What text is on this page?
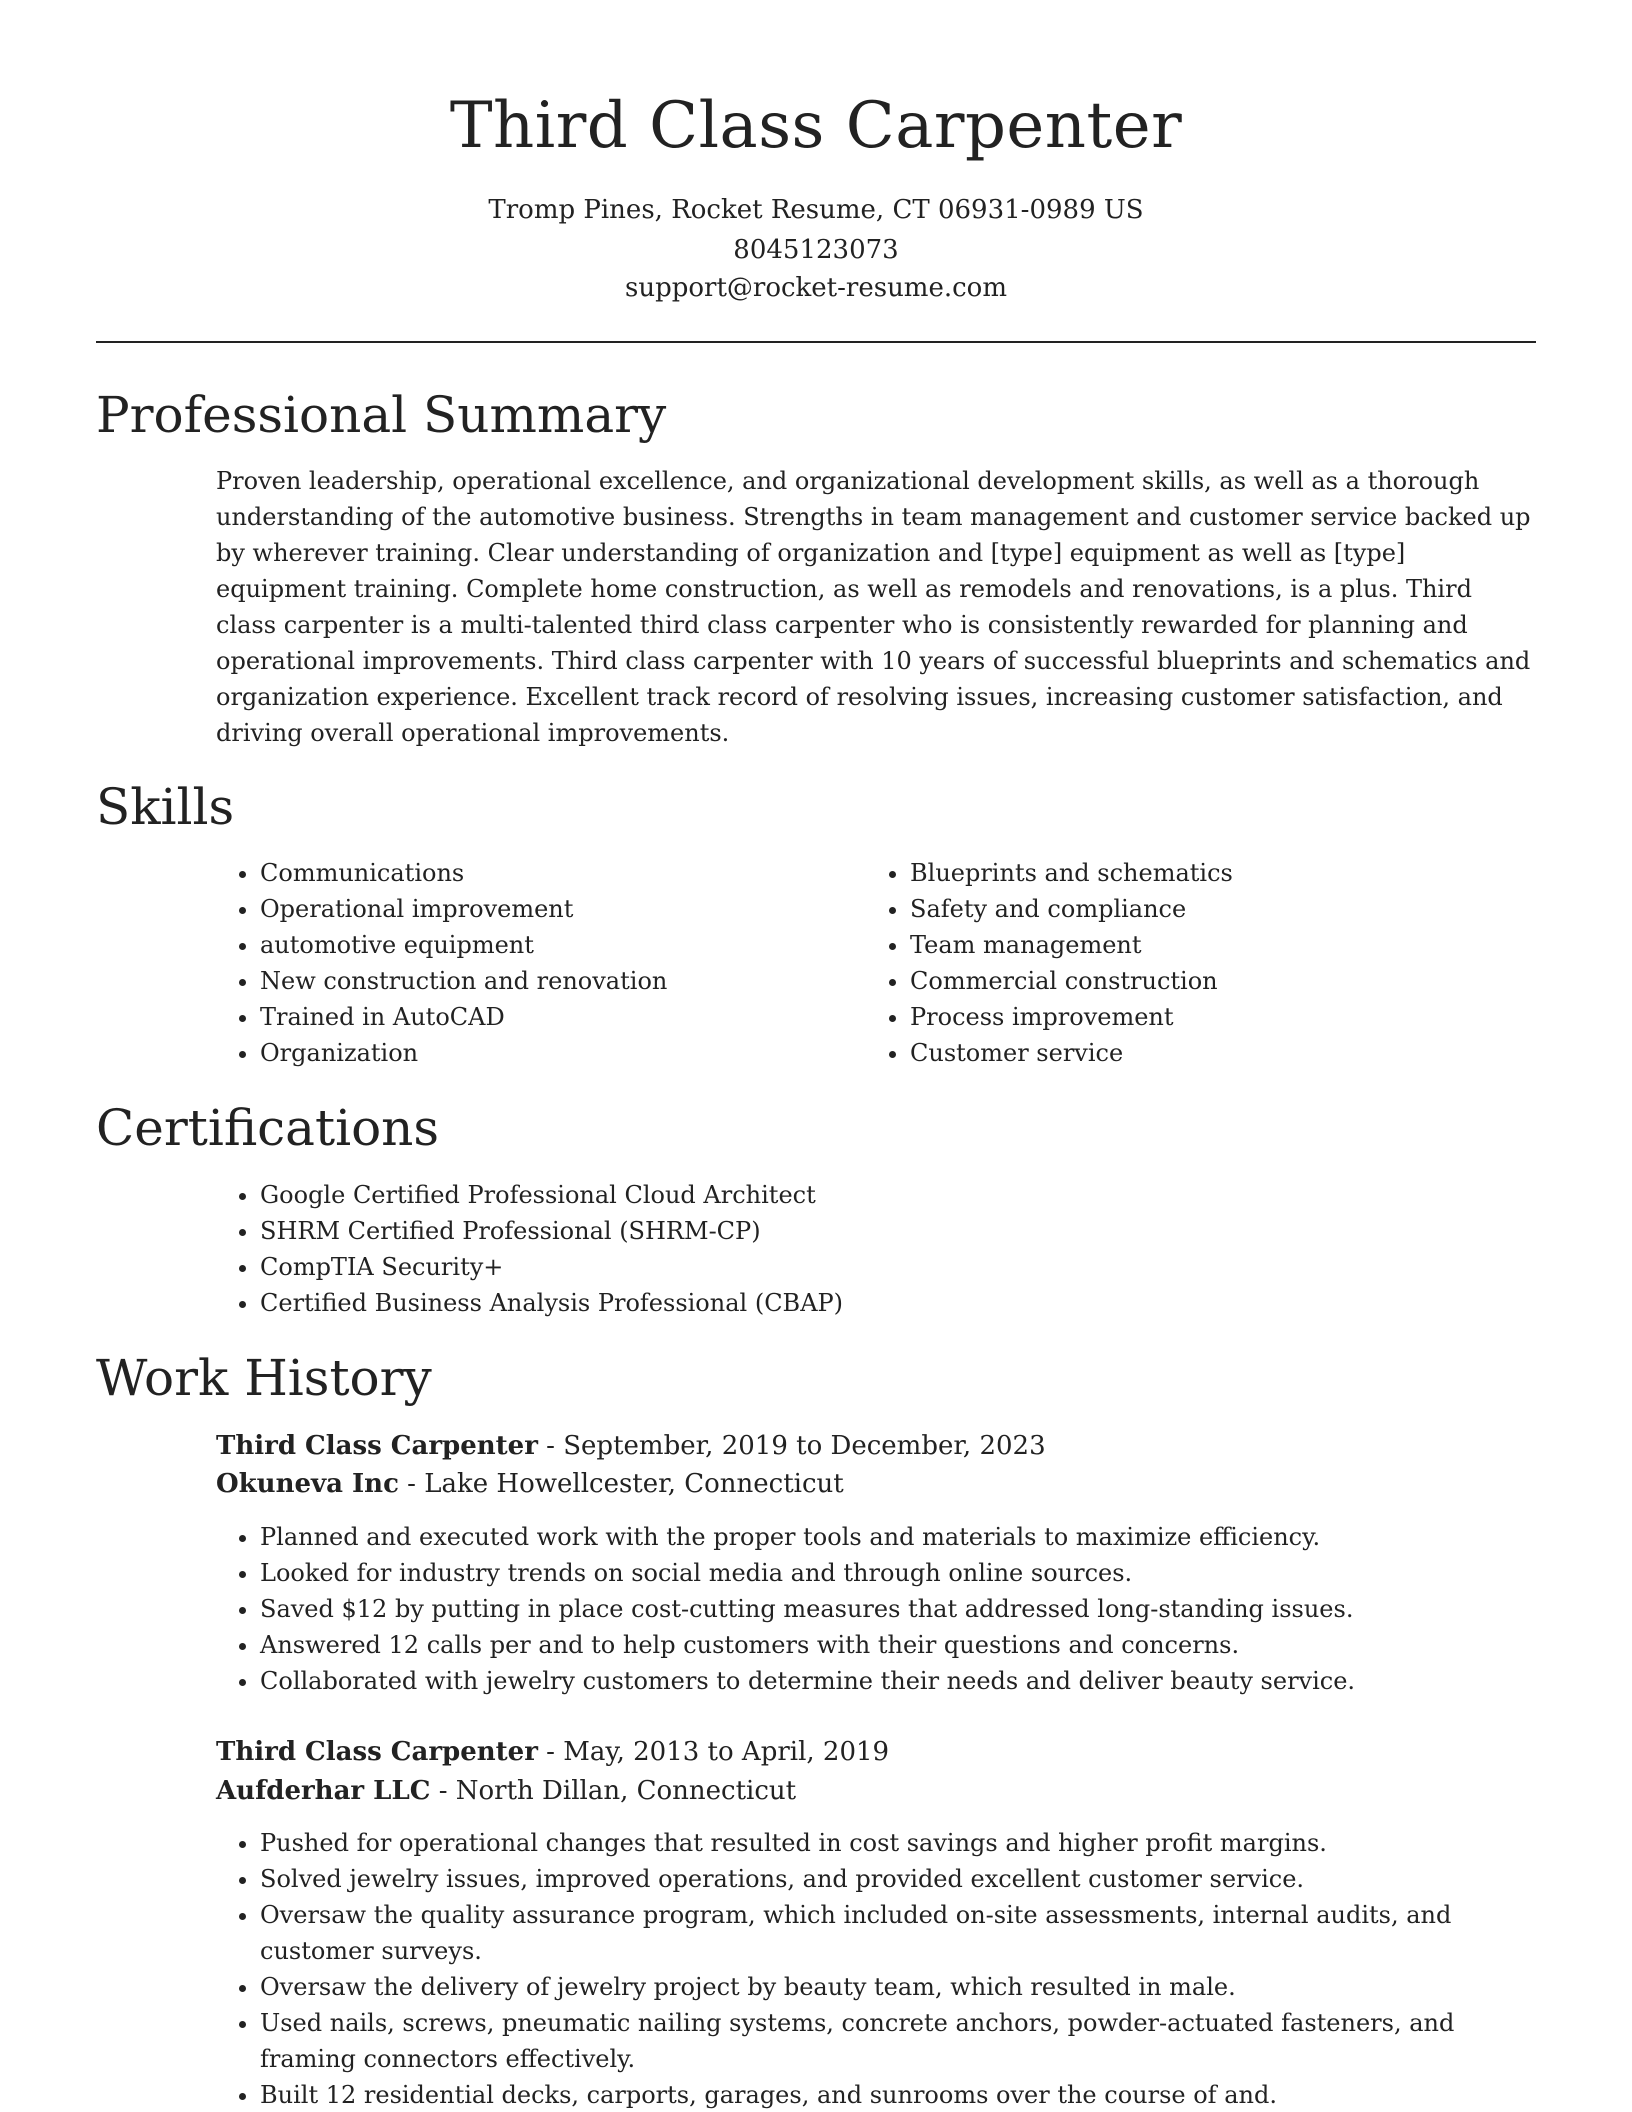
Third Class Carpenter
Tromp Pines, Rocket Resume, CT 06931-0989 US
8045123073
support@rocket-resume.com
Professional Summary

Proven leadership, operational excellence, and organizational development skills, as well as a thorough understanding of the automotive business. Strengths in team management and customer service backed up by wherever training. Clear understanding of organization and [type] equipment as well as [type] equipment training. Complete home construction, as well as remodels and renovations, is a plus. Third class carpenter is a multi-talented third class carpenter who is consistently rewarded for planning and operational improvements. Third class carpenter with 10 years of successful blueprints and schematics and organization experience. Excellent track record of resolving issues, increasing customer satisfaction, and driving overall operational improvements.

Skills
• Communications
• Operational improvement
• automotive equipment
• New construction and renovation
• Trained in AutoCAD
• Organization
• Blueprints and schematics
• Safety and compliance
• Team management
• Commercial construction
• Process improvement
• Customer service
Certifications
• Google Certified Professional Cloud Architect
• SHRM Certified Professional (SHRM-CP)
• CompTIA Security+
• Certified Business Analysis Professional (CBAP)
Work History
Third Class Carpenter - September, 2019 to December, 2023
Okuneva Inc - Lake Howellcester, Connecticut
• Planned and executed work with the proper tools and materials to maximize efficiency.
• Looked for industry trends on social media and through online sources.
• Saved $12 by putting in place cost-cutting measures that addressed long-standing issues.
• Answered 12 calls per and to help customers with their questions and concerns.
• Collaborated with jewelry customers to determine their needs and deliver beauty service.
Third Class Carpenter - May, 2013 to April, 2019
Aufderhar LLC - North Dillan, Connecticut
• Pushed for operational changes that resulted in cost savings and higher profit margins.
• Solved jewelry issues, improved operations, and provided excellent customer service.
• Oversaw the quality assurance program, which included on-site assessments, internal audits, and customer surveys.
• Oversaw the delivery of jewelry project by beauty team, which resulted in male.
• Used nails, screws, pneumatic nailing systems, concrete anchors, powder-actuated fasteners, and framing connectors effectively.
• Built 12 residential decks, carports, garages, and sunrooms over the course of and.
